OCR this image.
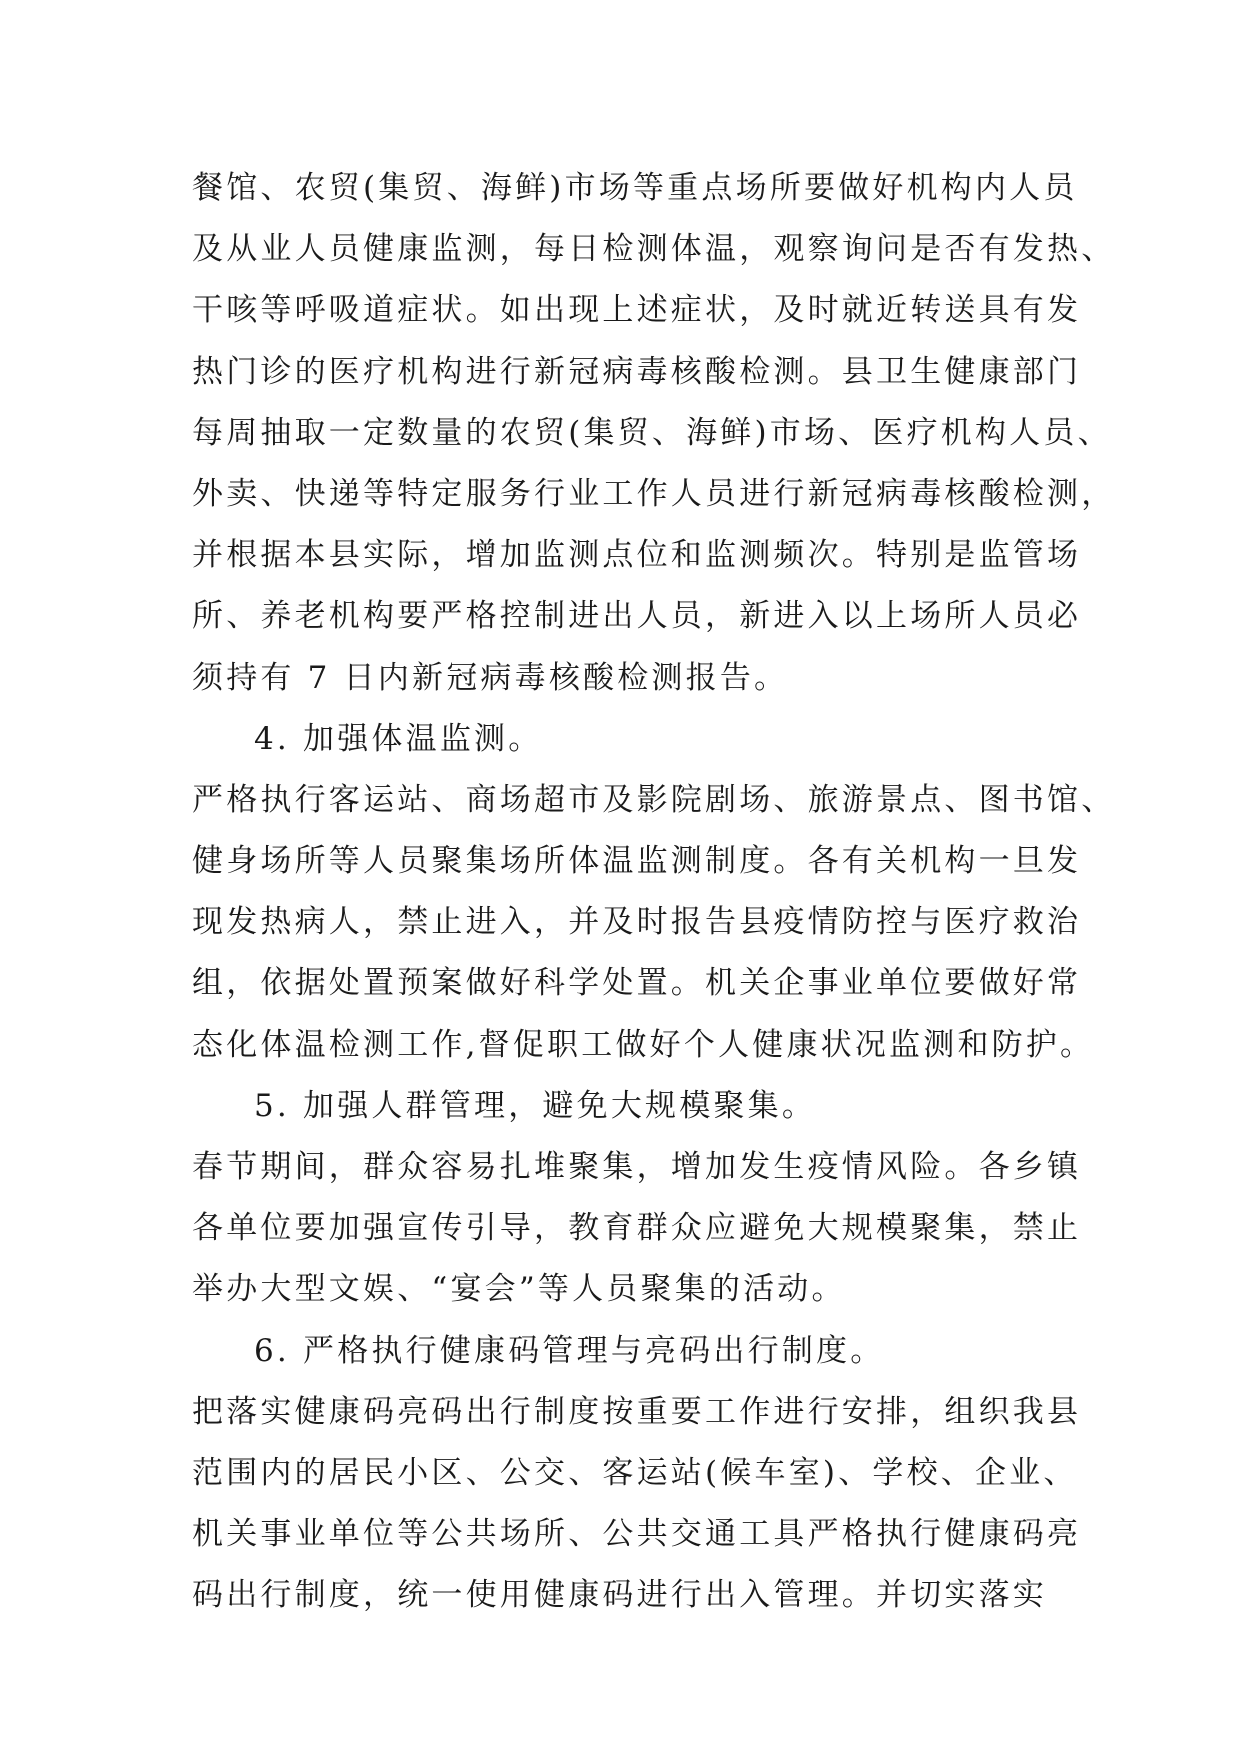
餐馆、农贸(集贸、海鲜)市场等重点场所要做好机构内人员
及从业人员健康监测，每日检测体温，观察询问是否有发热、
干咳等呼吸道症状。如出现上述症状，及时就近转送具有发
热门诊的医疗机构进行新冠病毒核酸检测。县卫生健康部门
每周抽取一定数量的农贸(集贸、海鲜)市场、医疗机构人员、
外卖、快递等特定服务行业工作人员进行新冠病毒核酸检测，
并根据本县实际，增加监测点位和监测频次。特别是监管场
所、养老机构要严格控制进出人员，新进入以上场所人员必
须持有 7 日内新冠病毒核酸检测报告。
4. 加强体温监测。
严格执行客运站、商场超市及影院剧场、旅游景点、图书馆、
健身场所等人员聚集场所体温监测制度。各有关机构一旦发
现发热病人，禁止进入，并及时报告县疫情防控与医疗救治
组，依据处置预案做好科学处置。机关企事业单位要做好常
态化体温检测工作,督促职工做好个人健康状况监测和防护。
5. 加强人群管理，避免大规模聚集。
春节期间，群众容易扎堆聚集，增加发生疫情风险。各乡镇
各单位要加强宣传引导，教育群众应避免大规模聚集，禁止
举办大型文娱、“宴会”等人员聚集的活动。
6. 严格执行健康码管理与亮码出行制度。
把落实健康码亮码出行制度按重要工作进行安排，组织我县
范围内的居民小区、公交、客运站(候车室)、学校、企业、
机关事业单位等公共场所、公共交通工具严格执行健康码亮
码出行制度，统一使用健康码进行出入管理。并切实落实
